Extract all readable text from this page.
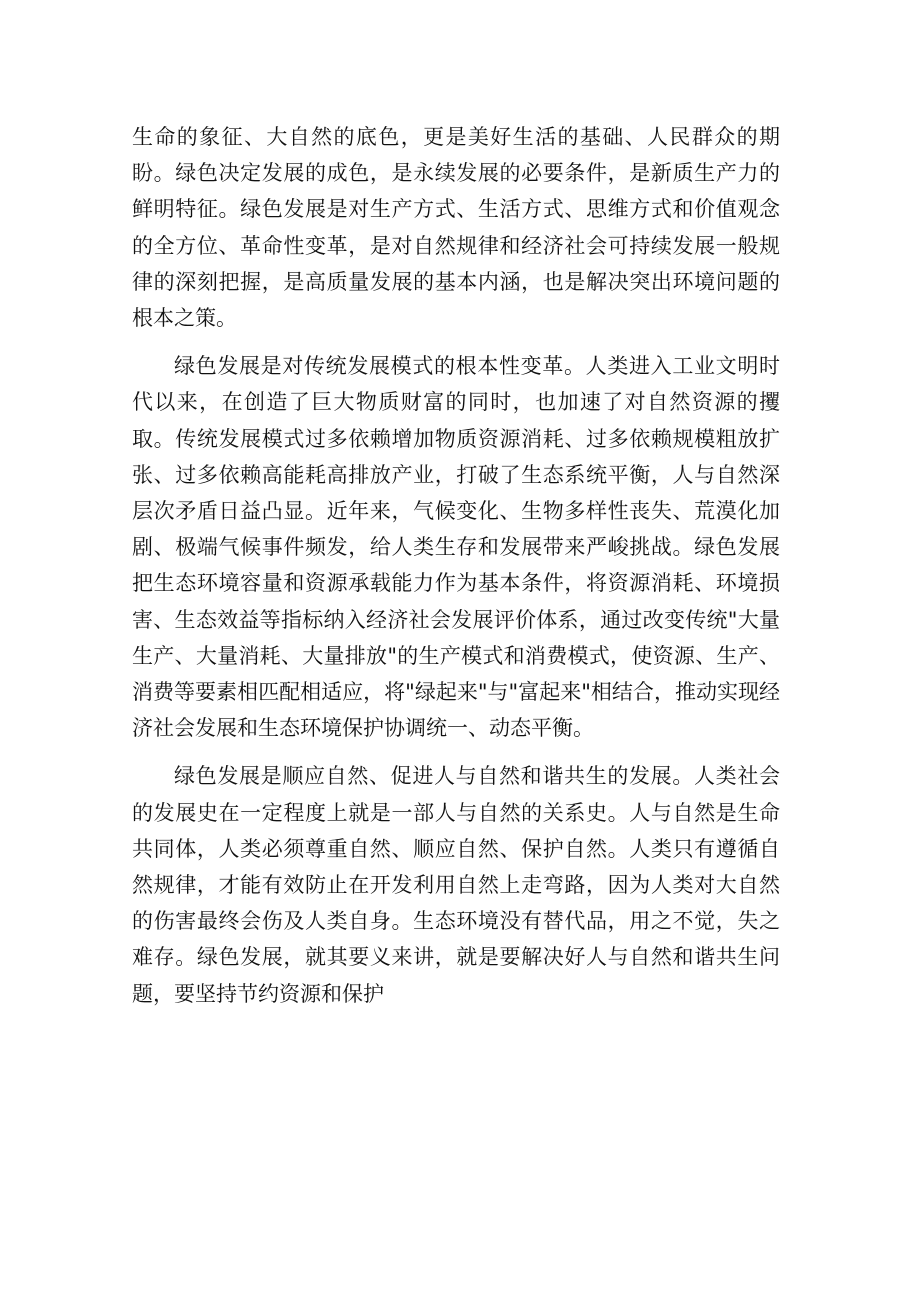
生命的象征、大自然的底色，更是美好生活的基础、人民群众的期盼。绿色决定发展的成色，是永续发展的必要条件，是新质生产力的鲜明特征。绿色发展是对生产方式、生活方式、思维方式和价值观念的全方位、革命性变革，是对自然规律和经济社会可持续发展一般规律的深刻把握，是高质量发展的基本内涵，也是解决突出环境问题的根本之策。

绿色发展是对传统发展模式的根本性变革。人类进入工业文明时代以来，在创造了巨大物质财富的同时，也加速了对自然资源的攫取。传统发展模式过多依赖增加物质资源消耗、过多依赖规模粗放扩张、过多依赖高能耗高排放产业，打破了生态系统平衡，人与自然深层次矛盾日益凸显。近年来，气候变化、生物多样性丧失、荒漠化加剧、极端气候事件频发，给人类生存和发展带来严峻挑战。绿色发展把生态环境容量和资源承载能力作为基本条件，将资源消耗、环境损害、生态效益等指标纳入经济社会发展评价体系，通过改变传统"大量生产、大量消耗、大量排放"的生产模式和消费模式，使资源、生产、消费等要素相匹配相适应，将"绿起来"与"富起来"相结合，推动实现经济社会发展和生态环境保护协调统一、动态平衡。

绿色发展是顺应自然、促进人与自然和谐共生的发展。人类社会的发展史在一定程度上就是一部人与自然的关系史。人与自然是生命共同体，人类必须尊重自然、顺应自然、保护自然。人类只有遵循自然规律，才能有效防止在开发利用自然上走弯路，因为人类对大自然的伤害最终会伤及人类自身。生态环境没有替代品，用之不觉，失之难存。绿色发展，就其要义来讲，就是要解决好人与自然和谐共生问题，要坚持节约资源和保护
